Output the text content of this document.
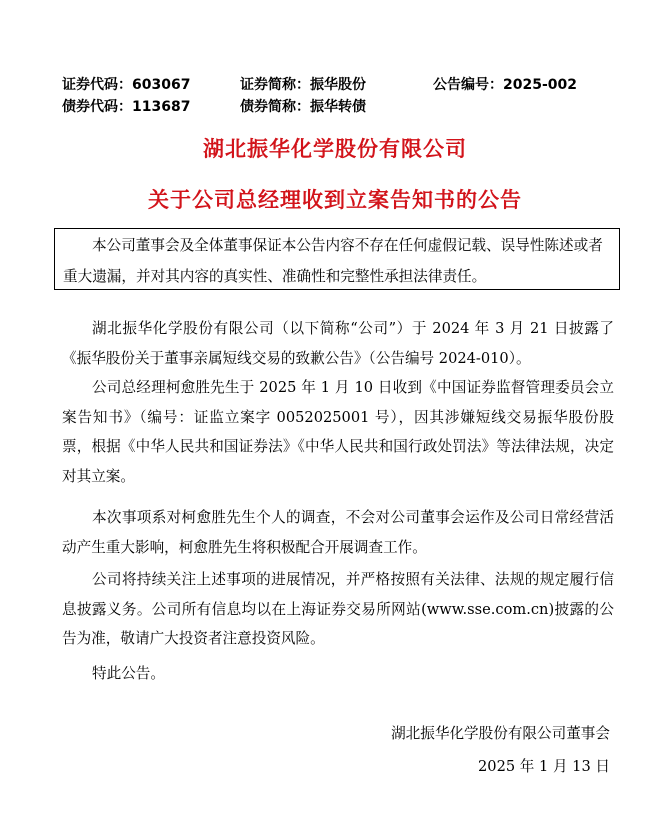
证券代码：603067	证券简称：振华股份	公告编号：2025-002
债券代码：113687	债券简称：振华转债
湖北振华化学股份有限公司
关于公司总经理收到立案告知书的公告

本公司董事会及全体董事保证本公告内容不存在任何虚假记载、误导性陈述或者重大遗漏，并对其内容的真实性、准确性和完整性承担法律责任。

湖北振华化学股份有限公司（以下简称“公司”）于 2024 年 3 月 21 日披露了《振华股份关于董事亲属短线交易的致歉公告》（公告编号 2024-010）。

公司总经理柯愈胜先生于 2025 年 1 月 10 日收到《中国证券监督管理委员会立案告知书》（编号：证监立案字 0052025001 号），因其涉嫌短线交易振华股份股票，根据《中华人民共和国证券法》《中华人民共和国行政处罚法》等法律法规，决定对其立案。

本次事项系对柯愈胜先生个人的调查，不会对公司董事会运作及公司日常经营活动产生重大影响，柯愈胜先生将积极配合开展调查工作。

公司将持续关注上述事项的进展情况，并严格按照有关法律、法规的规定履行信息披露义务。公司所有信息均以在上海证券交易所网站(www.sse.com.cn)披露的公告为准，敬请广大投资者注意投资风险。

特此公告。

湖北振华化学股份有限公司董事会
2025 年 1 月 13 日
